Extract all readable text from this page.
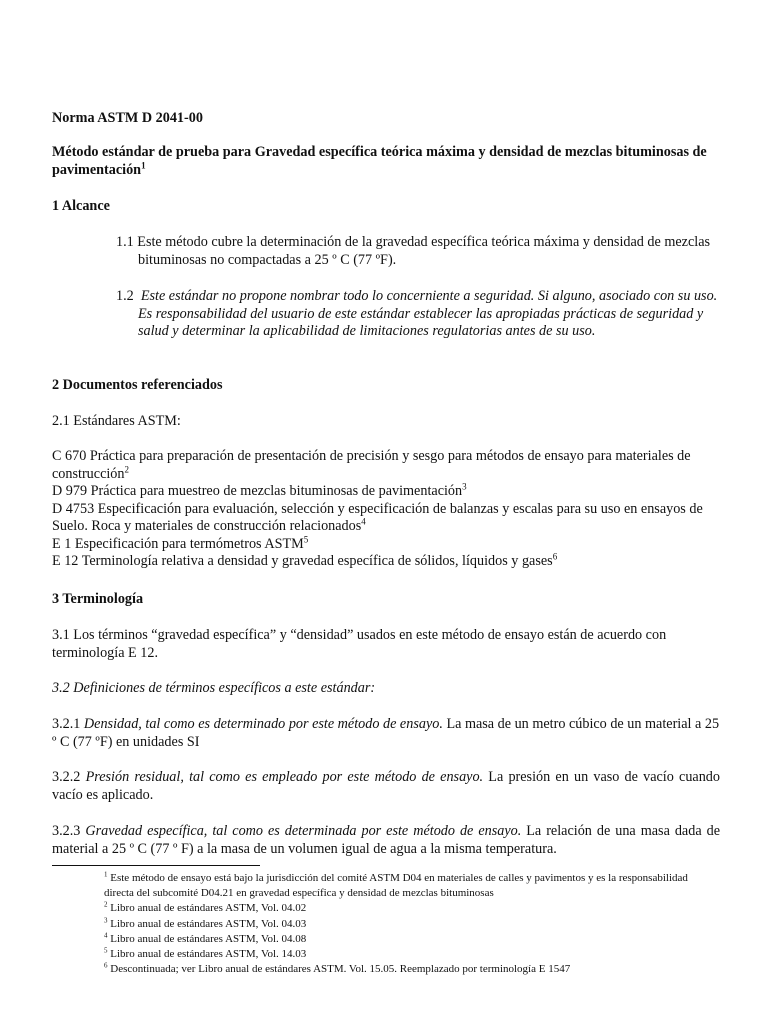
Norma ASTM D 2041-00

Método estándar de prueba para Gravedad específica teórica máxima y densidad de mezclas bituminosas de pavimentación$^1$

1 Alcance

1.1 Este método cubre la determinación de la gravedad específica teórica máxima y densidad de mezclas bituminosas no compactadas a 25 º C (77 ºF).

1.2 Este estándar no propone nombrar todo lo concerniente a seguridad. Si alguno, asociado con su uso. Es responsabilidad del usuario de este estándar establecer las apropiadas prácticas de seguridad y salud y determinar la aplicabilidad de limitaciones regulatorias antes de su uso.

2 Documentos referenciados

2.1 Estándares ASTM:

C 670 Práctica para preparación de presentación de precisión y sesgo para métodos de ensayo para materiales de construcción$^2$
D 979 Práctica para muestreo de mezclas bituminosas de pavimentación$^3$
D 4753 Especificación para evaluación, selección y especificación de balanzas y escalas para su uso en ensayos de Suelo. Roca y materiales de construcción relacionados$^4$
E 1 Especificación para termómetros ASTM$^5$
E 12 Terminología relativa a densidad y gravedad específica de sólidos, líquidos y gases$^6$

3 Terminología

3.1 Los términos “gravedad específica” y “densidad” usados en este método de ensayo están de acuerdo con terminología E 12.

3.2 Definiciones de términos específicos a este estándar:

3.2.1 Densidad, tal como es determinado por este método de ensayo. La masa de un metro cúbico de un material a 25 º C (77 ºF) en unidades SI

3.2.2 Presión residual, tal como es empleado por este método de ensayo. La presión en un vaso de vacío cuando vacío es aplicado.

3.2.3 Gravedad específica, tal como es determinada por este método de ensayo. La relación de una masa dada de material a 25 º C (77 º F) a la masa de un volumen igual de agua a la misma temperatura.

$^1$ Este método de ensayo está bajo la jurisdicción del comité ASTM D04 en materiales de calles y pavimentos y es la responsabilidad directa del subcomité D04.21 en gravedad específica y densidad de mezclas bituminosas

$^2$ Libro anual de estándares ASTM, Vol. 04.02

$^3$ Libro anual de estándares ASTM, Vol. 04.03

$^4$ Libro anual de estándares ASTM, Vol. 04.08

$^5$ Libro anual de estándares ASTM, Vol. 14.03

$^6$ Descontinuada; ver Libro anual de estándares ASTM. Vol. 15.05. Reemplazado por terminología E 1547
